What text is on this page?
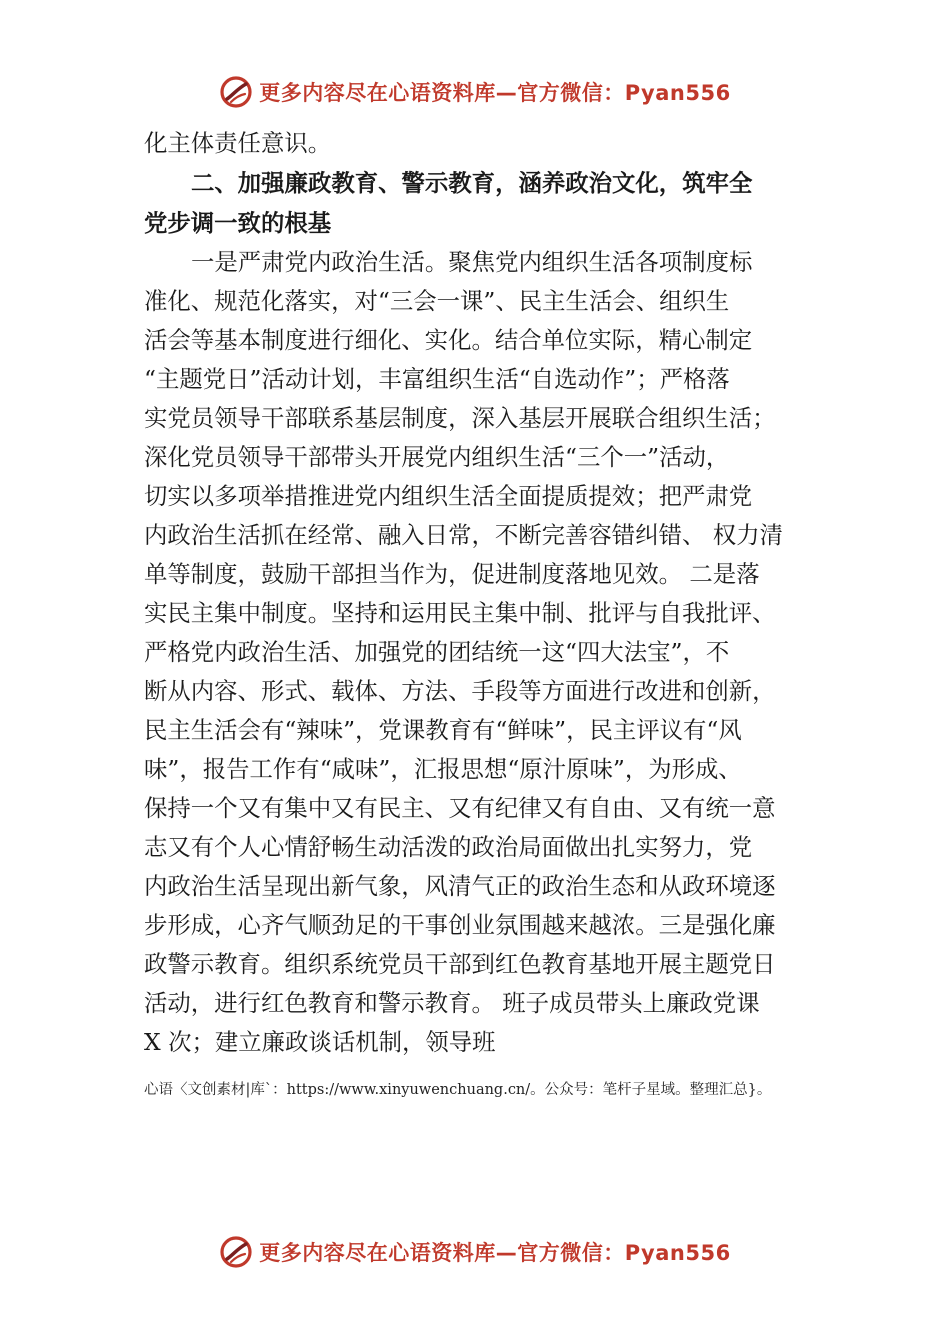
更多内容尽在心语资料库—官方微信：Pyan556
化主体责任意识。
二、加强廉政教育、警示教育，涵养政治文化，筑牢全
党步调一致的根基
一是严肃党内政治生活。聚焦党内组织生活各项制度标
准化、规范化落实，对“三会一课”、民主生活会、组织生
活会等基本制度进行细化、实化。结合单位实际，精心制定
“主题党日”活动计划，丰富组织生活“自选动作”；严格落
实党员领导干部联系基层制度，深入基层开展联合组织生活；
深化党员领导干部带头开展党内组织生活“三个一”活动，
切实以多项举措推进党内组织生活全面提质提效；把严肃党
内政治生活抓在经常、融入日常，不断完善容错纠错、 权力清
单等制度，鼓励干部担当作为，促进制度落地见效。 二是落
实民主集中制度。坚持和运用民主集中制、批评与自我批评、
严格党内政治生活、加强党的团结统一这“四大法宝”，不
断从内容、形式、载体、方法、手段等方面进行改进和创新，
民主生活会有“辣味”，党课教育有“鲜味”，民主评议有“风
味”，报告工作有“咸味”，汇报思想“原汁原味”，为形成、
保持一个又有集中又有民主、又有纪律又有自由、又有统一意
志又有个人心情舒畅生动活泼的政治局面做出扎实努力，党
内政治生活呈现出新气象，风清气正的政治生态和从政环境逐
步形成，心齐气顺劲足的干事创业氛围越来越浓。三是强化廉
政警示教育。组织系统党员干部到红色教育基地开展主题党日
活动，进行红色教育和警示教育。 班子成员带头上廉政党课
X 次；建立廉政谈话机制，领导班
心语〈文创素材|库`：https://www.xinyuwenchuang.cn/。公众号：笔杆子星域。整理汇总}。
更多内容尽在心语资料库—官方微信：Pyan556
